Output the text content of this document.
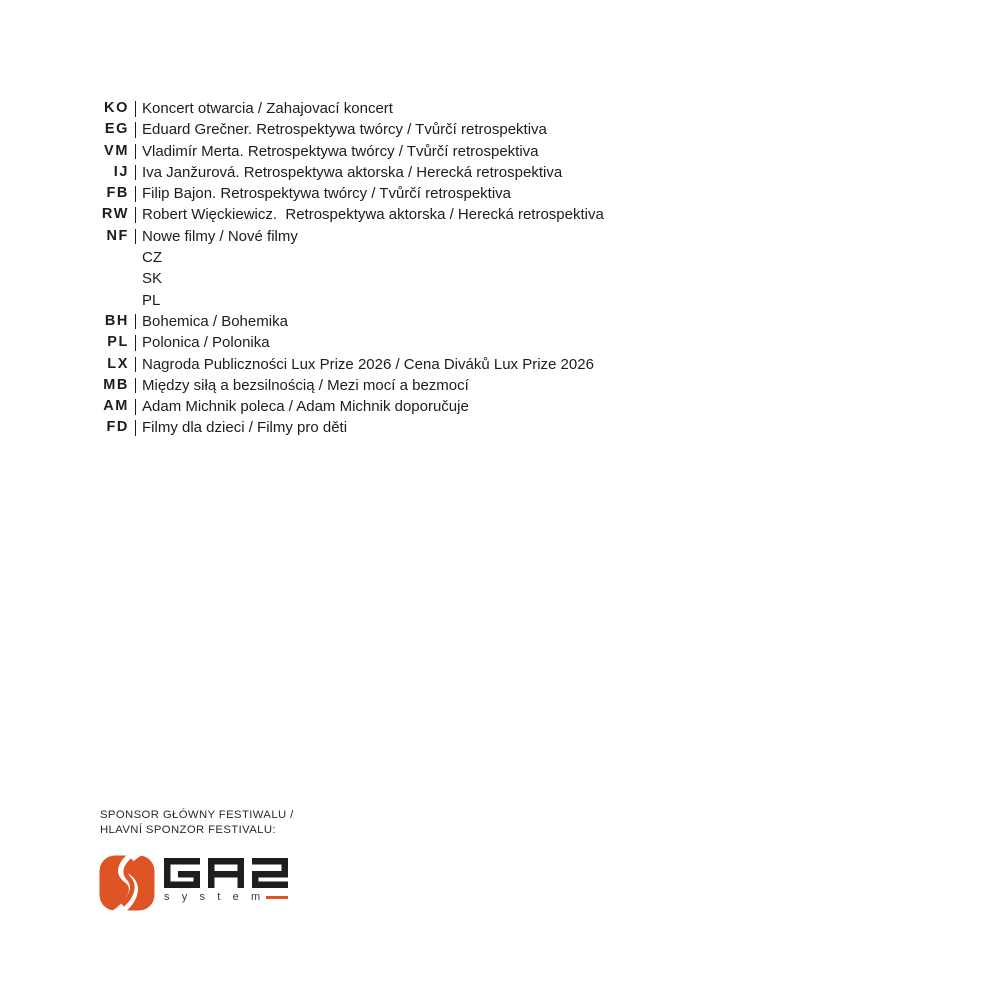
KO Koncert otwarcia / Zahajovací koncert
EG Eduard Grečner. Retrospektywa twórcy / Tvůrčí retrospektiva
VM Vladimír Merta. Retrospektywa twórcy / Tvůrčí retrospektiva
IJ Iva Janžurová. Retrospektywa aktorska / Herecká retrospektiva
FB Filip Bajon. Retrospektywa twórcy / Tvůrčí retrospektiva
RW Robert Więckiewicz.  Retrospektywa aktorska / Herecká retrospektiva
NF Nowe filmy / Nové filmy
CZ
SK
PL
BH Bohemica / Bohemika
PL Polonica / Polonika
LX Nagroda Publiczności Lux Prize 2026 / Cena Diváků Lux Prize 2026
MB Między siłą a bezsilnością / Mezi mocí a bezmocí
AM Adam Michnik poleca / Adam Michnik doporučuje
FD Filmy dla dzieci / Filmy pro děti
SPONSOR GŁÓWNY FESTIWALU /
HLAVNÍ SPONZOR FESTIVALU:
s y s t e m
